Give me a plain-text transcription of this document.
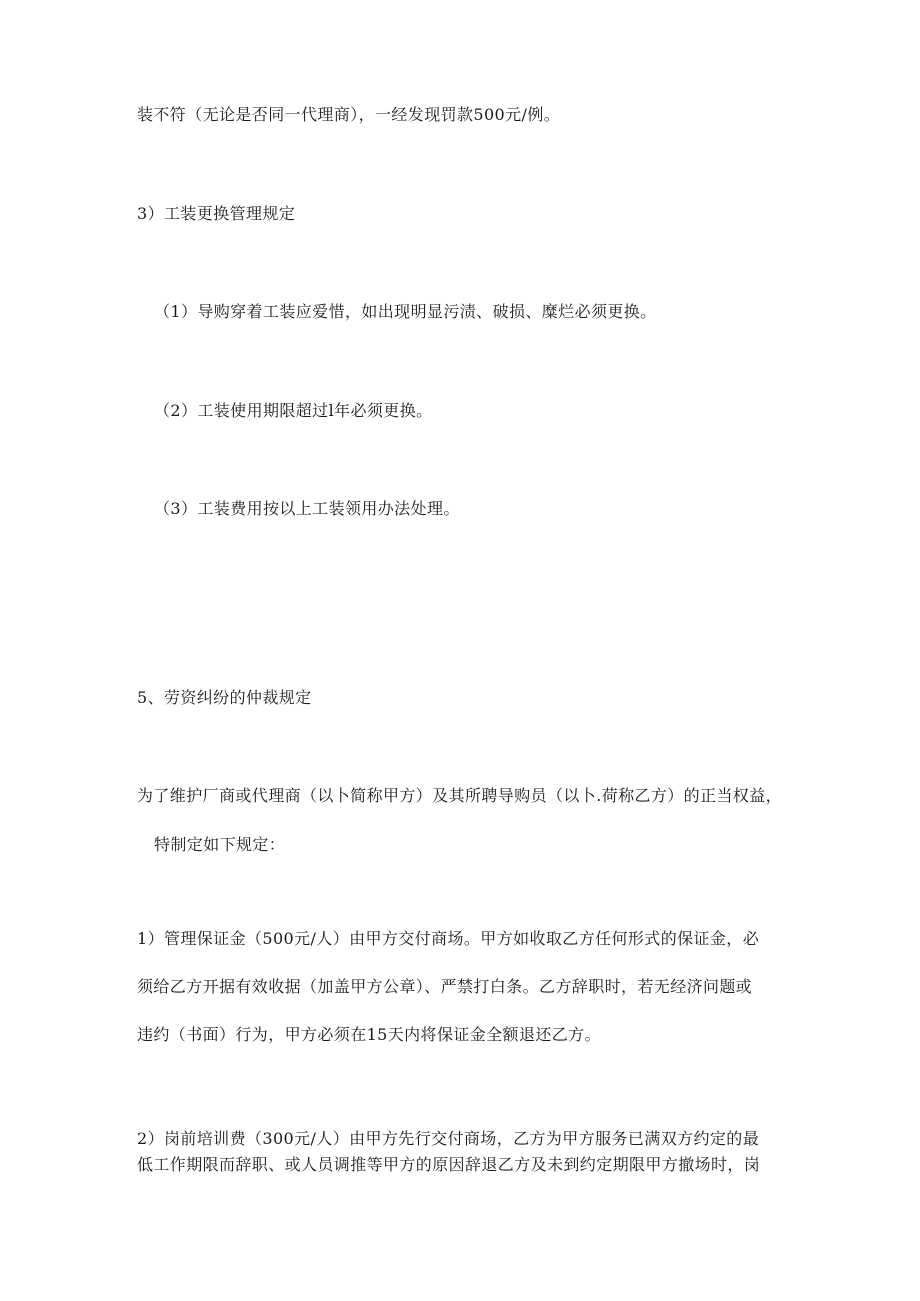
装不符（无论是否同一代理商），一经发现罚款500元/例。
3）工装更换管理规定
（1）导购穿着工装应爱惜，如出现明显污渍、破损、糜烂必须更换。
（2）工装使用期限超过l年必须更换。
（3）工装费用按以上工装领用办法处理。
5、劳资纠纷的仲裁规定
为了维护厂商或代理商（以卜简称甲方）及其所聘导购员（以卜.荷称乙方）的正当权益，
特制定如下规定：
1）管理保证金（500元/人）由甲方交付商场。甲方如收取乙方任何形式的保证金，必
须给乙方开据有效收据（加盖甲方公章）、严禁打白条。乙方辞职时，若无经济问题或
违约（书面）行为，甲方必须在15天内将保证金全额退还乙方。
2）岗前培训费（300元/人）由甲方先行交付商场，乙方为甲方服务已满双方约定的最
低工作期限而辞职、或人员调推等甲方的原因辞退乙方及未到约定期限甲方撤场时，岗
